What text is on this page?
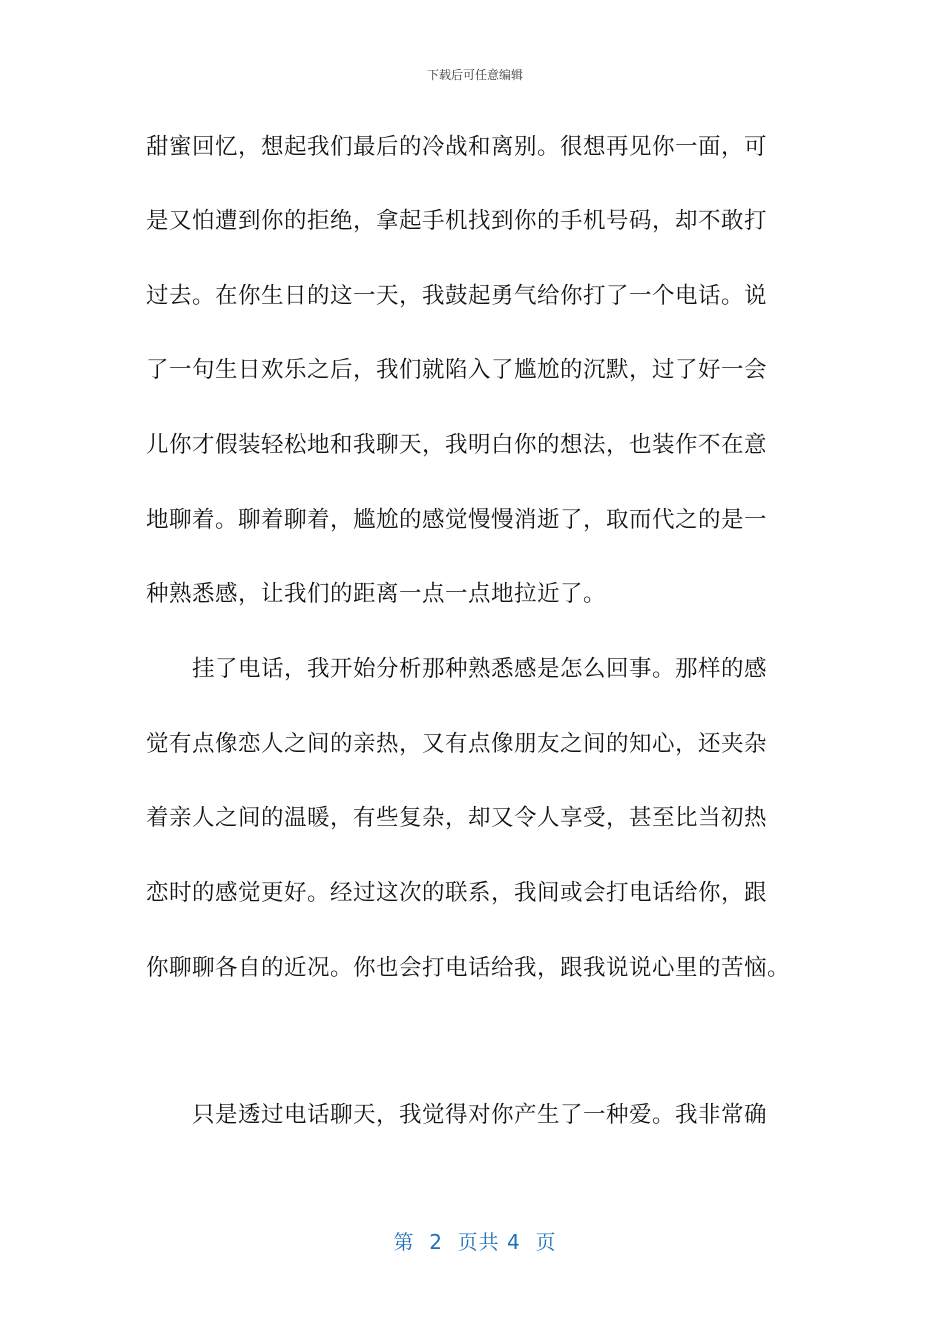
下载后可任意编辑
甜蜜回忆，想起我们最后的冷战和离别。很想再见你一面，可
是又怕遭到你的拒绝，拿起手机找到你的手机号码，却不敢打
过去。在你生日的这一天，我鼓起勇气给你打了一个电话。说
了一句生日欢乐之后，我们就陷入了尴尬的沉默，过了好一会
儿你才假装轻松地和我聊天，我明白你的想法，也装作不在意
地聊着。聊着聊着，尴尬的感觉慢慢消逝了，取而代之的是一
种熟悉感，让我们的距离一点一点地拉近了。
挂了电话，我开始分析那种熟悉感是怎么回事。那样的感
觉有点像恋人之间的亲热，又有点像朋友之间的知心，还夹杂
着亲人之间的温暖，有些复杂，却又令人享受，甚至比当初热
恋时的感觉更好。经过这次的联系，我间或会打电话给你，跟
你聊聊各自的近况。你也会打电话给我，跟我说说心里的苦恼。
只是透过电话聊天，我觉得对你产生了一种爱。我非常确
第  2  页共 4  页
